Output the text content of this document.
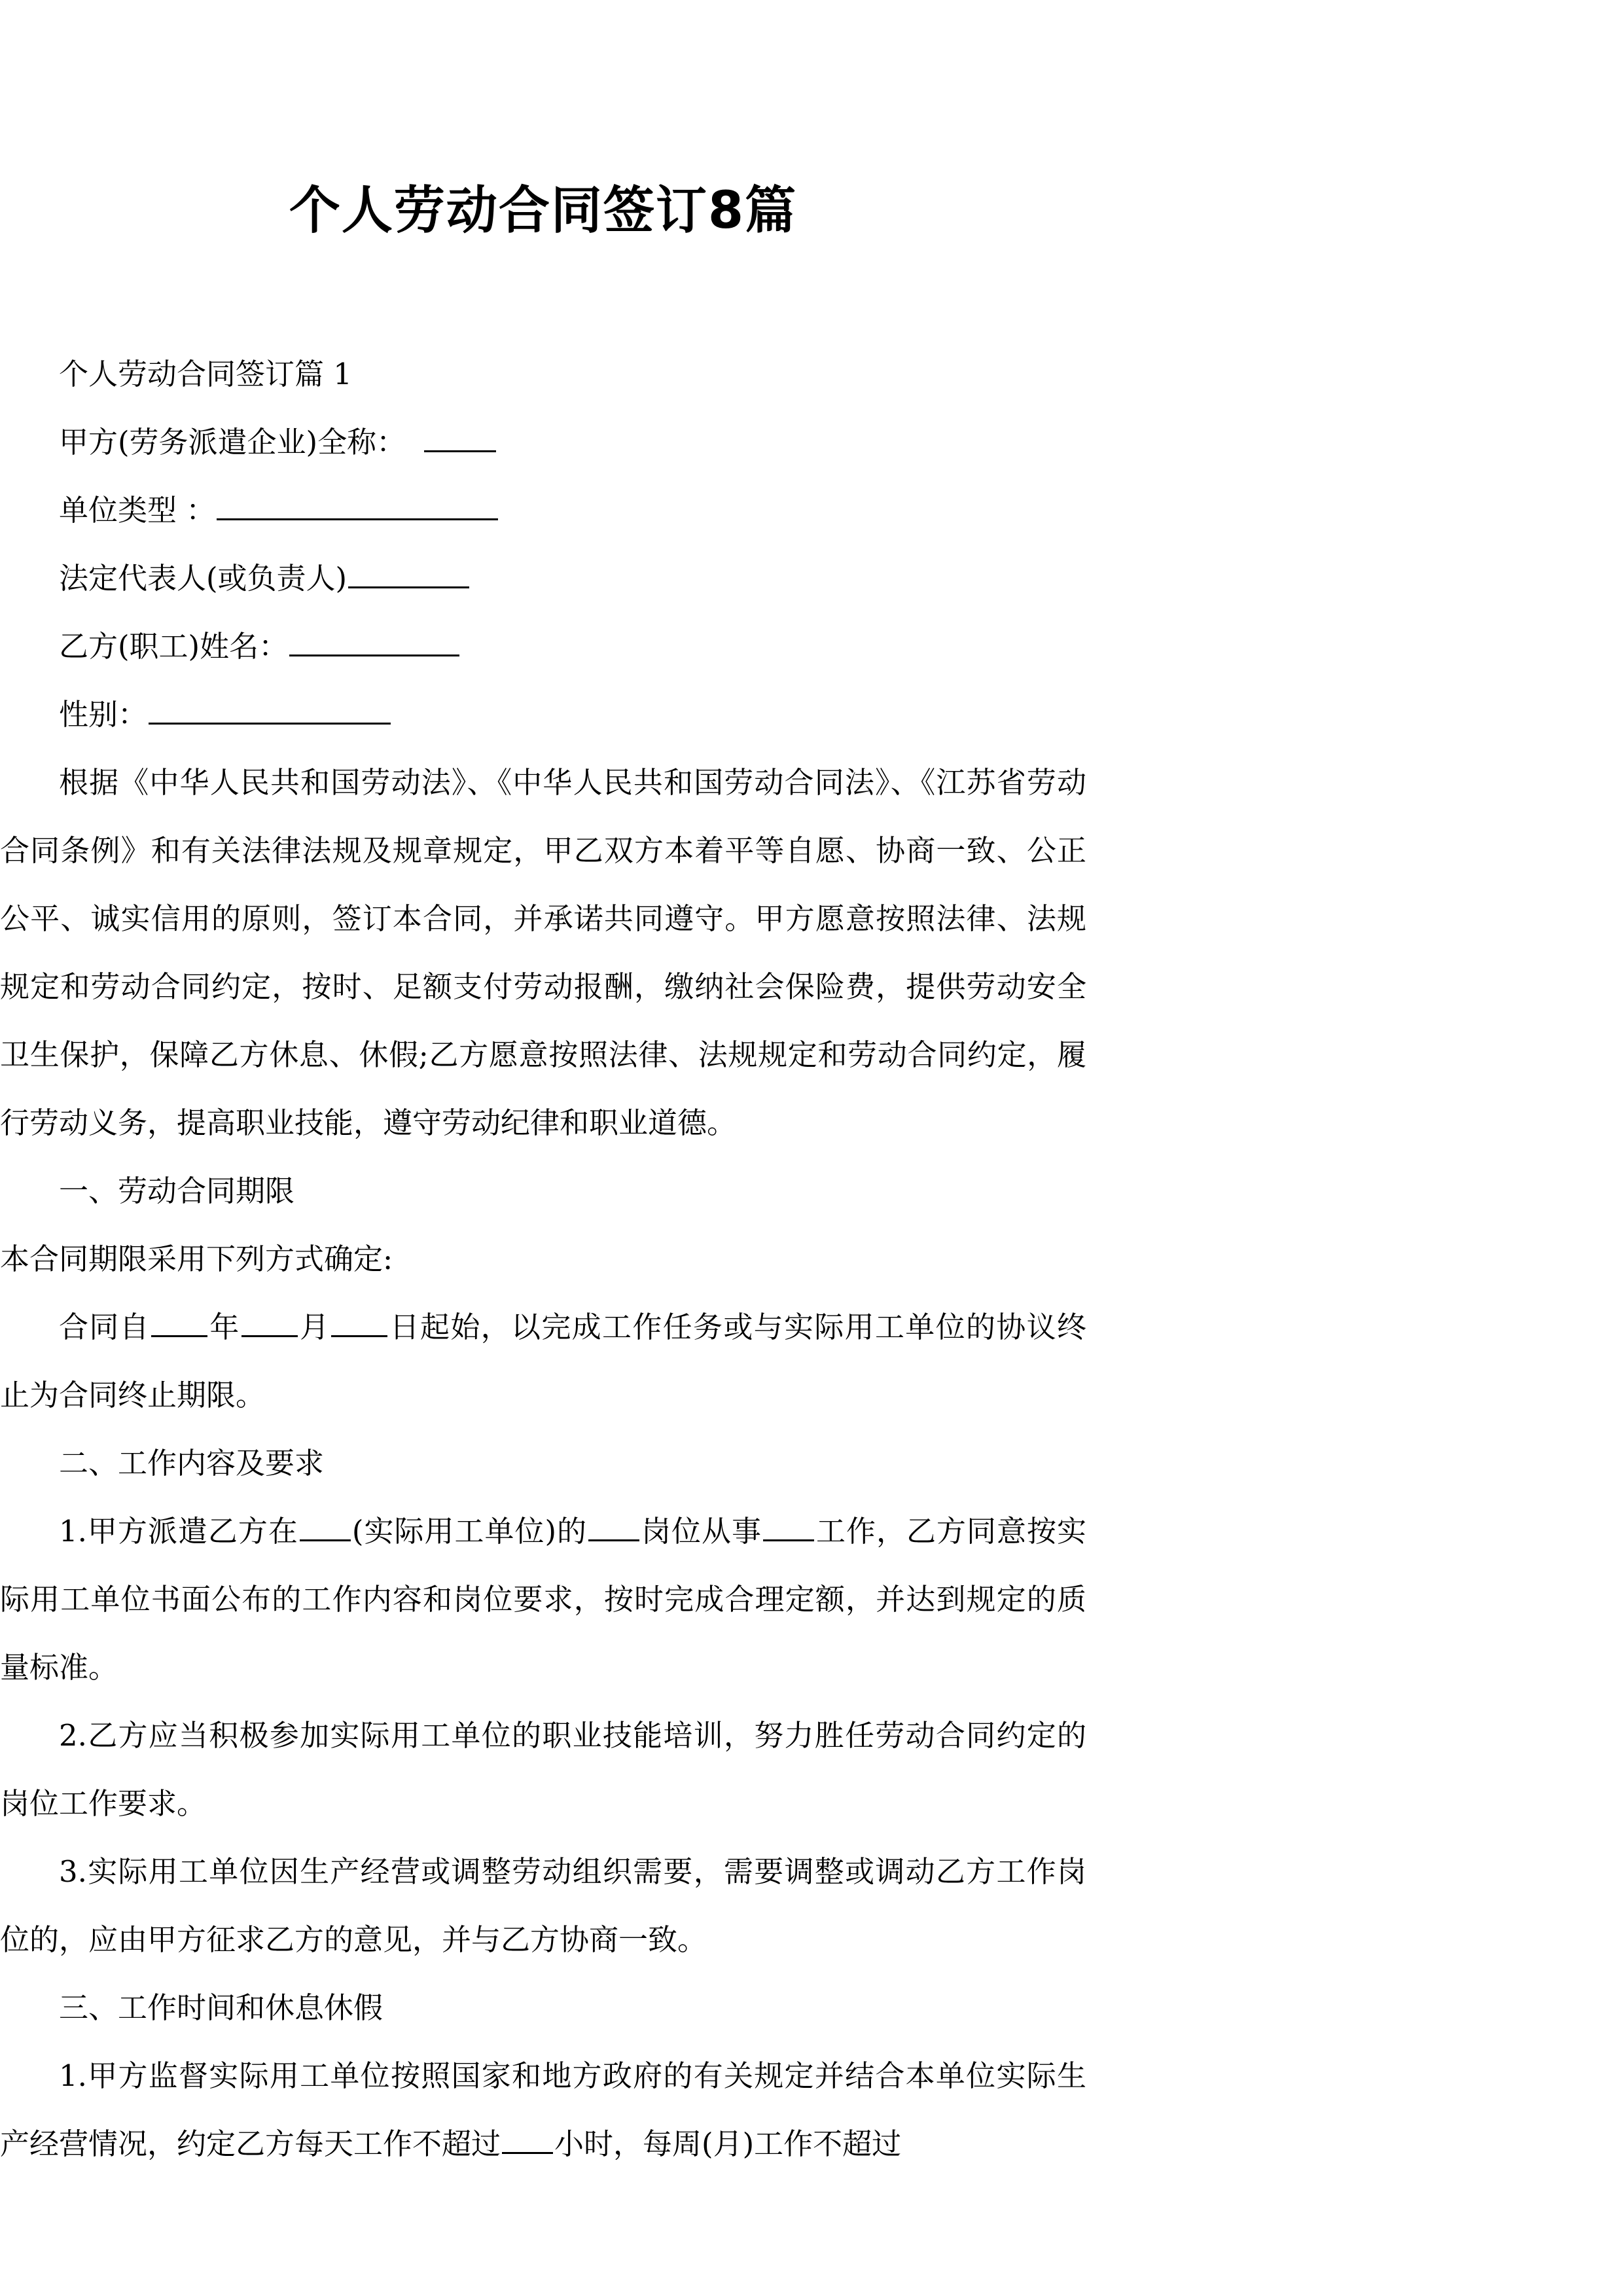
个人劳动合同签订8篇

个人劳动合同签订篇 1

甲方(劳务派遣企业)全称：

单位类型 ：

法定代表人(或负责人)

乙方(职工)姓名：

性别：

根据《中华人民共和国劳动法》、《中华人民共和国劳动合同法》、《江苏省劳动合同条例》和有关法律法规及规章规定，甲乙双方本着平等自愿、协商一致、公正公平、诚实信用的原则，签订本合同，并承诺共同遵守。甲方愿意按照法律、法规规定和劳动合同约定，按时、足额支付劳动报酬，缴纳社会保险费，提供劳动安全卫生保护，保障乙方休息、休假;乙方愿意按照法律、法规规定和劳动合同约定，履行劳动义务，提高职业技能，遵守劳动纪律和职业道德。

一、劳动合同期限

本合同期限采用下列方式确定:

合同自 年 月 日起始，以完成工作任务或与实际用工单位的协议终止为合同终止期限。

二、工作内容及要求

1.甲方派遣乙方在 (实际用工单位)的 岗位从事 工作，乙方同意按实际用工单位书面公布的工作内容和岗位要求，按时完成合理定额，并达到规定的质量标准。

2.乙方应当积极参加实际用工单位的职业技能培训，努力胜任劳动合同约定的岗位工作要求。

3.实际用工单位因生产经营或调整劳动组织需要，需要调整或调动乙方工作岗位的，应由甲方征求乙方的意见，并与乙方协商一致。

三、工作时间和休息休假

1.甲方监督实际用工单位按照国家和地方政府的有关规定并结合本单位实际生产经营情况，约定乙方每天工作不超过 小时，每周(月)工作不超过
